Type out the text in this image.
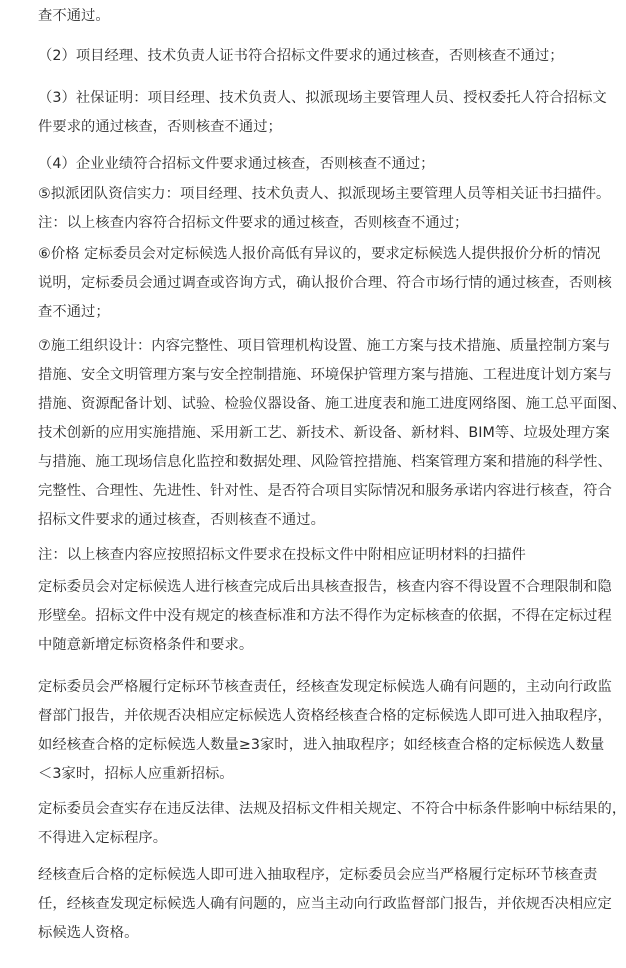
查不通过。

（2）项目经理、技术负责人证书符合招标文件要求的通过核查，否则核查不通过；

（3）社保证明：项目经理、技术负责人、拟派现场主要管理人员、授权委托人符合招标文
件要求的通过核查，否则核查不通过；

（4）企业业绩符合招标文件要求通过核查，否则核查不通过；

⑤拟派团队资信实力：项目经理、技术负责人、拟派现场主要管理人员等相关证书扫描件。

注：以上核查内容符合招标文件要求的通过核查，否则核查不通过；

⑥价格 定标委员会对定标候选人报价高低有异议的，要求定标候选人提供报价分析的情况
说明，定标委员会通过调查或咨询方式，确认报价合理、符合市场行情的通过核查，否则核
查不通过；

⑦施工组织设计：内容完整性、项目管理机构设置、施工方案与技术措施、质量控制方案与
措施、安全文明管理方案与安全控制措施、环境保护管理方案与措施、工程进度计划方案与
措施、资源配备计划、试验、检验仪器设备、施工进度表和施工进度网络图、施工总平面图、
技术创新的应用实施措施、采用新工艺、新技术、新设备、新材料、BIM等、垃圾处理方案
与措施、施工现场信息化监控和数据处理、风险管控措施、档案管理方案和措施的科学性、
完整性、合理性、先进性、针对性、是否符合项目实际情况和服务承诺内容进行核查，符合
招标文件要求的通过核查，否则核查不通过。

注：以上核查内容应按照招标文件要求在投标文件中附相应证明材料的扫描件

定标委员会对定标候选人进行核查完成后出具核查报告，核查内容不得设置不合理限制和隐
形壁垒。招标文件中没有规定的核查标准和方法不得作为定标核查的依据，不得在定标过程
中随意新增定标资格条件和要求。

定标委员会严格履行定标环节核查责任，经核查发现定标候选人确有问题的，主动向行政监
督部门报告，并依规否决相应定标候选人资格经核查合格的定标候选人即可进入抽取程序，
如经核查合格的定标候选人数量≥3家时，进入抽取程序；如经核查合格的定标候选人数量
＜3家时，招标人应重新招标。

定标委员会查实存在违反法律、法规及招标文件相关规定、不符合中标条件影响中标结果的，
不得进入定标程序。

经核查后合格的定标候选人即可进入抽取程序，定标委员会应当严格履行定标环节核查责
任，经核查发现定标候选人确有问题的，应当主动向行政监督部门报告，并依规否决相应定
标候选人资格。
